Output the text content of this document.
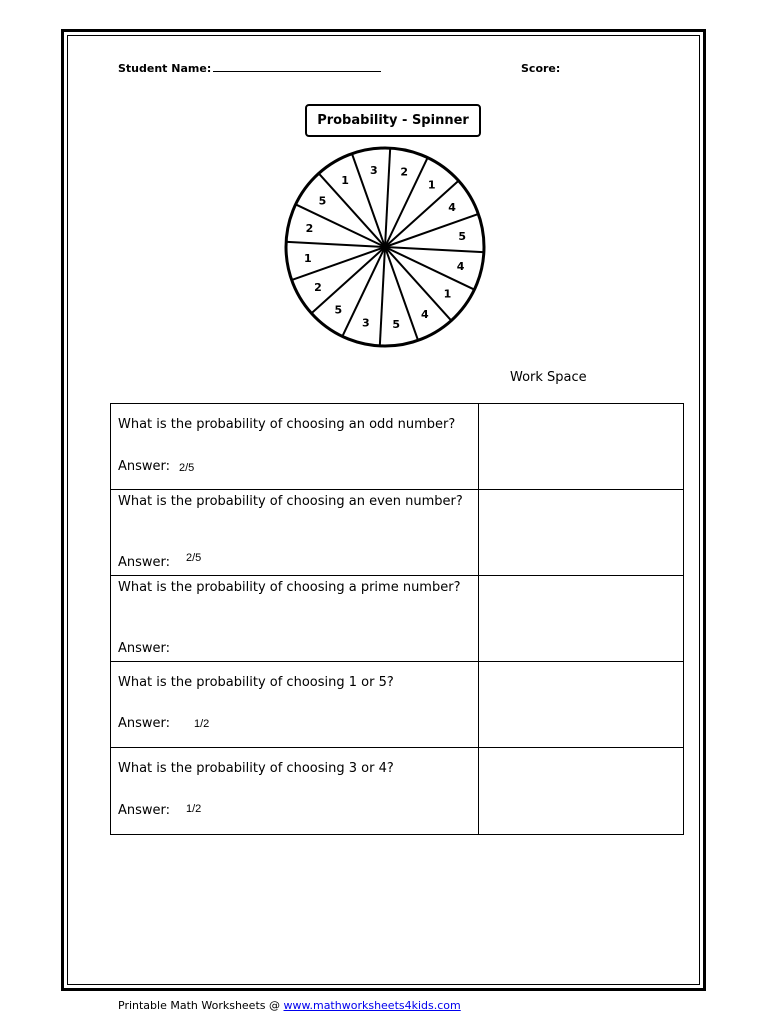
Student Name:	Score:
Probability - Spinner
2
1
4
5
4
1
4
5
3
5
2
1
2
5
1
3
Work Space
What is the probability of choosing an odd number?
Answer: 2/5	

What is the probability of choosing an even number?
Answer: 2/5	

What is the probability of choosing a prime number?
Answer:	

What is the probability of choosing 1 or 5?
Answer: 1/2	

What is the probability of choosing 3 or 4?
Answer: 1/2	

Printable Math Worksheets @ www.mathworksheets4kids.com
